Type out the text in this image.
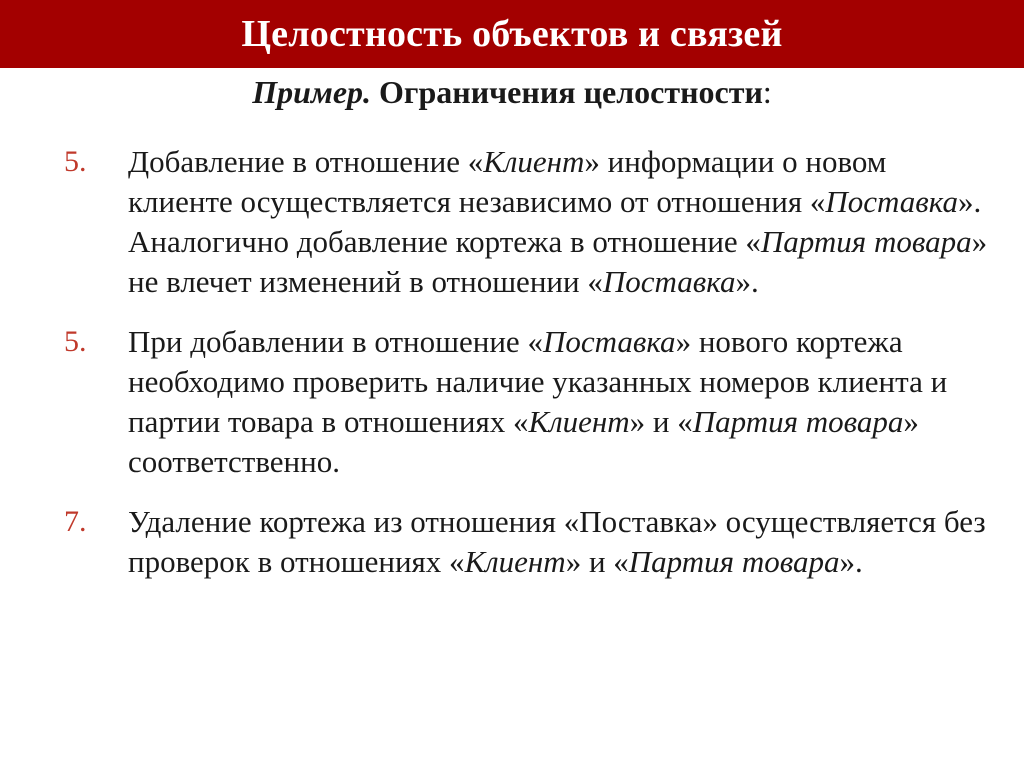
Целостность объектов и связей
Пример. Ограничения целостности:
5. Добавление в отношение «Клиент» информации о новом клиенте осуществляется независимо от отношения «Поставка». Аналогично добавление кортежа в отношение «Партия товара» не влечет изменений в отношении «Поставка».
5. При добавлении в отношение «Поставка» нового кортежа необходимо проверить наличие указанных номеров клиента и партии товара в отношениях «Клиент» и «Партия товара» соответственно.
7. Удаление кортежа из отношения «Поставка» осуществляется без проверок в отношениях «Клиент» и «Партия товара».
